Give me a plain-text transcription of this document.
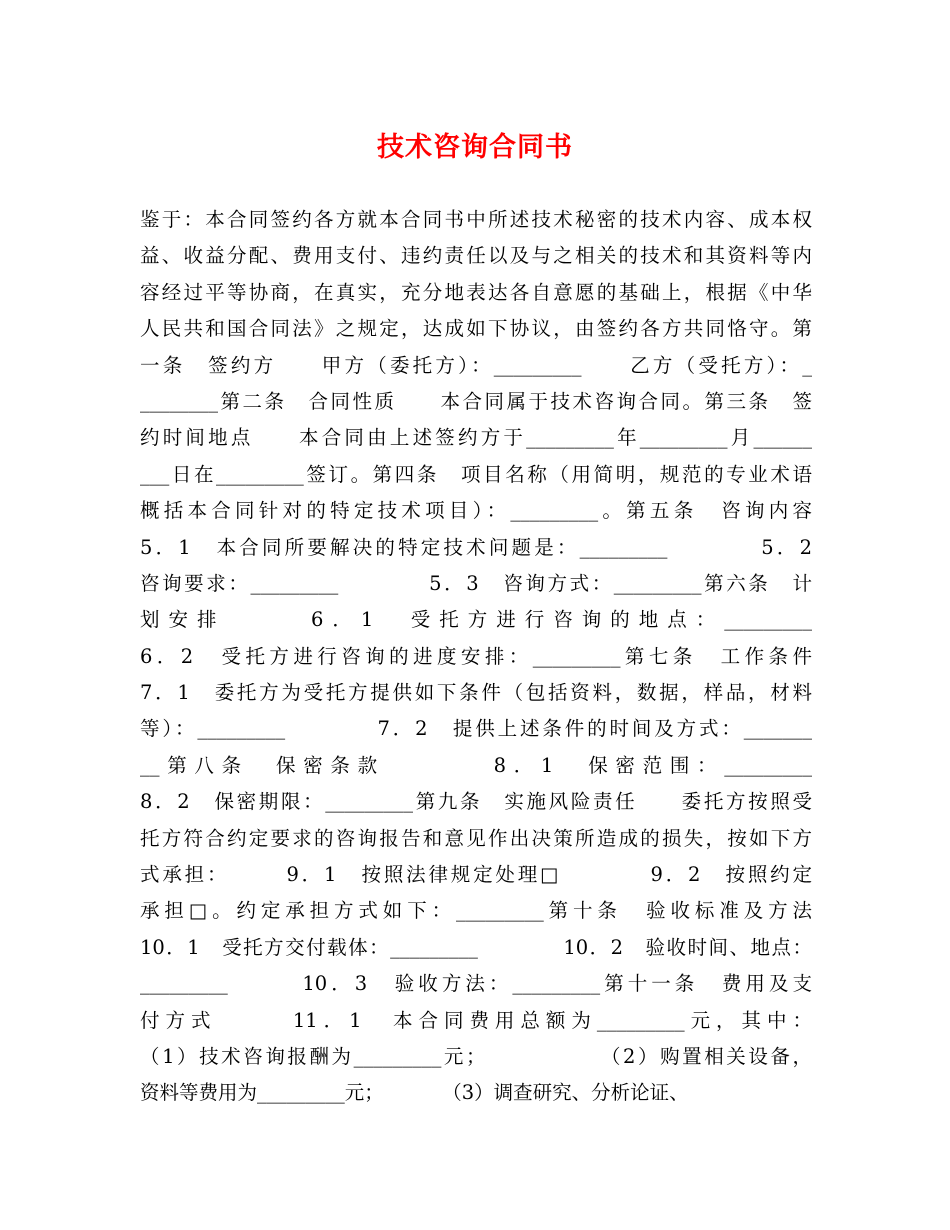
技术咨询合同书
鉴于：本合同签约各方就本合同书中所述技术秘密的技术内容、成本权
益、收益分配、费用支付、违约责任以及与之相关的技术和其资料等内
容经过平等协商，在真实，充分地表达各自意愿的基础上，根据《中华
人民共和国合同法》之规定，达成如下协议，由签约各方共同恪守。第
一条　签约方　　甲方（委托方）：_________　　乙方（受托方）：_
________第二条　合同性质　　本合同属于技术咨询合同。第三条　签
约时间地点　　本合同由上述签约方于_________年_________月______
___日在_________签订。第四条　项目名称（用简明，规范的专业术语
概括本合同针对的特定技术项目）：_________。第五条　咨询内容
5．1　本合同所要解决的特定技术问题是：_________　　　　5．2
咨询要求：_________　　　　5．3　咨询方式：_________第六条　计
划安排　　　6．1　受托方进行咨询的地点：_________
6．2　受托方进行咨询的进度安排：_________第七条　工作条件
7．1　委托方为受托方提供如下条件（包括资料，数据，样品，材料
等）：_________　　　　7．2　提供上述条件的时间及方式：_______
__第八条　保密条款　　　　8．1　保密范围：_________
8．2　保密期限：_________第九条　实施风险责任　　委托方按照受
托方符合约定要求的咨询报告和意见作出决策所造成的损失，按如下方
式承担：　　　9．1　按照法律规定处理□　　　　9．2　按照约定
承担□。约定承担方式如下：_________第十条　验收标准及方法
10．1　受托方交付载体：_________　　　　10．2　验收时间、地点：
_________　　　10．3　验收方法：_________第十一条　费用及支
付方式　　　11．1　本合同费用总额为_________元，其中：
（1）技术咨询报酬为_________元；　　　　　　（2）购置相关设备，
资料等费用为_________元；　　　　（3）调查研究、分析论证、
